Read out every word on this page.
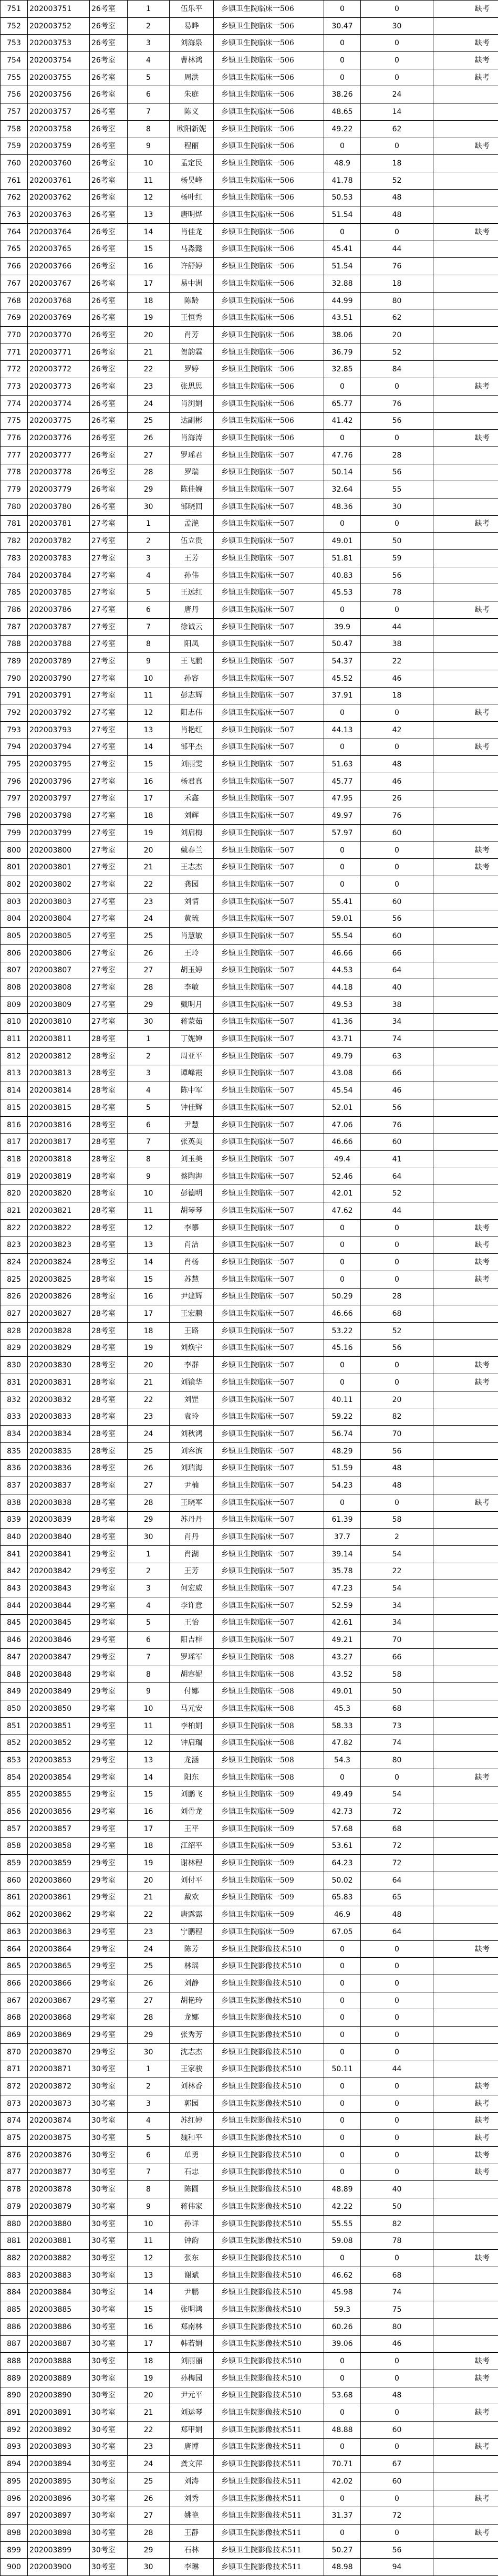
751	202003751	26考室	1	伍乐平	乡镇卫生院临床一506	0	0	缺考
752	202003752	26考室	2	易晔	乡镇卫生院临床一506	30.47	30	
753	202003753	26考室	3	刘海泉	乡镇卫生院临床一506	0	0	缺考
754	202003754	26考室	4	曹林鸿	乡镇卫生院临床一506	0	0	缺考
755	202003755	26考室	5	周洪	乡镇卫生院临床一506	0	0	缺考
756	202003756	26考室	6	朱庭	乡镇卫生院临床一506	38.26	24	
757	202003757	26考室	7	陈义	乡镇卫生院临床一506	48.65	14	
758	202003758	26考室	8	欧阳新妮	乡镇卫生院临床一506	49.22	62	
759	202003759	26考室	9	程丽	乡镇卫生院临床一506	0	0	缺考
760	202003760	26考室	10	孟定民	乡镇卫生院临床一506	48.9	18	
761	202003761	26考室	11	杨昊峰	乡镇卫生院临床一506	41.78	52	
762	202003762	26考室	12	杨叶红	乡镇卫生院临床一506	50.53	48	
763	202003763	26考室	13	唐明烨	乡镇卫生院临床一506	51.54	48	
764	202003764	26考室	14	肖佳龙	乡镇卫生院临床一506	0	0	缺考
765	202003765	26考室	15	马淼懿	乡镇卫生院临床一506	45.41	44	
766	202003766	26考室	16	许舒婷	乡镇卫生院临床一506	51.54	76	
767	202003767	26考室	17	易中洲	乡镇卫生院临床一506	32.88	18	
768	202003768	26考室	18	陈龄	乡镇卫生院临床一506	44.99	80	
769	202003769	26考室	19	王恒秀	乡镇卫生院临床一506	43.51	62	
770	202003770	26考室	20	肖芳	乡镇卫生院临床一506	38.06	20	
771	202003771	26考室	21	贺韵霖	乡镇卫生院临床一506	36.79	52	
772	202003772	26考室	22	罗婷	乡镇卫生院临床一506	32.85	84	
773	202003773	26考室	23	张思思	乡镇卫生院临床一506	0	0	缺考
774	202003774	26考室	24	肖浏娟	乡镇卫生院临床一506	65.77	76	
775	202003775	26考室	25	达副彬	乡镇卫生院临床一506	41.42	56	
776	202003776	26考室	26	肖海涛	乡镇卫生院临床一506	0	0	缺考
777	202003777	26考室	27	罗瑶君	乡镇卫生院临床一507	47.76	28	
778	202003778	26考室	28	罗瑞	乡镇卫生院临床一507	50.14	56	
779	202003779	26考室	29	陈佳婉	乡镇卫生院临床一507	32.64	55	
780	202003780	26考室	30	邹晓回	乡镇卫生院临床一507	48.36	30	
781	202003781	27考室	1	孟滟	乡镇卫生院临床一507	0	0	缺考
782	202003782	27考室	2	伍立贵	乡镇卫生院临床一507	49.01	50	
783	202003783	27考室	3	王芳	乡镇卫生院临床一507	51.81	59	
784	202003784	27考室	4	孙伟	乡镇卫生院临床一507	40.83	56	
785	202003785	27考室	5	王远红	乡镇卫生院临床一507	45.53	78	
786	202003786	27考室	6	唐丹	乡镇卫生院临床一507	0	0	缺考
787	202003787	27考室	7	徐诚云	乡镇卫生院临床一507	39.9	44	
788	202003788	27考室	8	阳凤	乡镇卫生院临床一507	50.47	38	
789	202003789	27考室	9	王飞鹏	乡镇卫生院临床一507	54.37	22	
790	202003790	27考室	10	孙容	乡镇卫生院临床一507	45.52	46	
791	202003791	27考室	11	彭志辉	乡镇卫生院临床一507	37.91	18	
792	202003792	27考室	12	阳志伟	乡镇卫生院临床一507	0	0	缺考
793	202003793	27考室	13	肖艳红	乡镇卫生院临床一507	44.13	42	
794	202003794	27考室	14	邹平杰	乡镇卫生院临床一507	0	0	缺考
795	202003795	27考室	15	刘丽雯	乡镇卫生院临床一507	51.63	48	
796	202003796	27考室	16	杨君真	乡镇卫生院临床一507	45.77	46	
797	202003797	27考室	17	禾鑫	乡镇卫生院临床一507	47.95	26	
798	202003798	27考室	18	刘辉	乡镇卫生院临床一507	49.97	76	
799	202003799	27考室	19	刘启梅	乡镇卫生院临床一507	57.97	60	
800	202003800	27考室	20	戴春兰	乡镇卫生院临床一507	0	0	缺考
801	202003801	27考室	21	王志杰	乡镇卫生院临床一507	0	0	缺考
802	202003802	27考室	22	龚园	乡镇卫生院临床一507	0	0	
803	202003803	27考室	23	刘情	乡镇卫生院临床一507	55.41	60	
804	202003804	27考室	24	黄琉	乡镇卫生院临床一507	59.01	56	
805	202003805	27考室	25	肖慧敏	乡镇卫生院临床一507	55.54	60	
806	202003806	27考室	26	王玲	乡镇卫生院临床一507	46.66	66	
807	202003807	27考室	27	胡玉婷	乡镇卫生院临床一507	44.53	64	
808	202003808	27考室	28	李敏	乡镇卫生院临床一507	44.18	40	
809	202003809	27考室	29	戴明月	乡镇卫生院临床一507	49.53	38	
810	202003810	27考室	30	蒋蒙茹	乡镇卫生院临床一507	41.36	34	
811	202003811	28考室	1	丁妮婵	乡镇卫生院临床一507	43.71	74	
812	202003812	28考室	2	周亚平	乡镇卫生院临床一507	49.79	63	
813	202003813	28考室	3	谭峰霞	乡镇卫生院临床一507	43.08	66	
814	202003814	28考室	4	陈中军	乡镇卫生院临床一507	45.54	46	
815	202003815	28考室	5	钟佳辉	乡镇卫生院临床一507	52.01	56	
816	202003816	28考室	6	尹慧	乡镇卫生院临床一507	47.06	76	
817	202003817	28考室	7	张英美	乡镇卫生院临床一507	46.66	60	
818	202003818	28考室	8	刘玉美	乡镇卫生院临床一507	49.4	41	
819	202003819	28考室	9	蔡陶海	乡镇卫生院临床一507	52.46	64	
820	202003820	28考室	10	彭德明	乡镇卫生院临床一507	42.01	52	
821	202003821	28考室	11	胡琴琴	乡镇卫生院临床一507	47.62	44	
822	202003822	28考室	12	李攀	乡镇卫生院临床一507	0	0	缺考
823	202003823	28考室	13	肖洁	乡镇卫生院临床一507	0	0	缺考
824	202003824	28考室	14	肖杨	乡镇卫生院临床一507	0	0	缺考
825	202003825	28考室	15	苏慧	乡镇卫生院临床一507	0	0	缺考
826	202003826	28考室	16	尹建辉	乡镇卫生院临床一507	50.29	28	
827	202003827	28考室	17	王宏鹏	乡镇卫生院临床一507	46.66	68	
828	202003828	28考室	18	王路	乡镇卫生院临床一507	53.22	52	
829	202003829	28考室	19	刘焕宇	乡镇卫生院临床一507	45.16	56	
830	202003830	28考室	20	李群	乡镇卫生院临床一507	0	0	缺考
831	202003831	28考室	21	刘镜华	乡镇卫生院临床一507	0	0	缺考
832	202003832	28考室	22	刘罡	乡镇卫生院临床一507	40.11	20	
833	202003833	28考室	23	袁玲	乡镇卫生院临床一507	59.22	82	
834	202003834	28考室	24	刘秋鸿	乡镇卫生院临床一507	56.74	70	
835	202003835	28考室	25	刘容滨	乡镇卫生院临床一507	48.29	56	
836	202003836	28考室	26	刘瑞海	乡镇卫生院临床一507	51.59	48	
837	202003837	28考室	27	尹楠	乡镇卫生院临床一507	54.23	48	
838	202003838	28考室	28	王晓军	乡镇卫生院临床一507	0	0	缺考
839	202003839	28考室	29	苏丹丹	乡镇卫生院临床一507	61.39	58	
840	202003840	28考室	30	肖丹	乡镇卫生院临床一507	37.7	2	
841	202003841	29考室	1	肖湖	乡镇卫生院临床一507	39.14	54	
842	202003842	29考室	2	王芳	乡镇卫生院临床一507	35.78	22	
843	202003843	29考室	3	何宏威	乡镇卫生院临床一507	47.23	54	
844	202003844	29考室	4	李许意	乡镇卫生院临床一507	52.59	34	
845	202003845	29考室	5	王怡	乡镇卫生院临床一507	42.61	34	
846	202003846	29考室	6	阳吉梓	乡镇卫生院临床一507	49.21	70	
847	202003847	29考室	7	罗瑶军	乡镇卫生院临床一508	43.27	66	
848	202003848	29考室	8	胡容妮	乡镇卫生院临床一508	43.52	58	
849	202003849	29考室	9	付娜	乡镇卫生院临床一508	49.01	50	
850	202003850	29考室	10	马元安	乡镇卫生院临床一508	45.3	68	
851	202003851	29考室	11	李柏娟	乡镇卫生院临床一508	58.33	73	
852	202003852	29考室	12	钟启瑞	乡镇卫生院临床一508	47.82	74	
853	202003853	29考室	13	龙涵	乡镇卫生院临床一508	54.3	80	
854	202003854	29考室	14	阳东	乡镇卫生院临床一508	0	0	缺考
855	202003855	29考室	15	刘鹏飞	乡镇卫生院临床一509	49.49	54	
856	202003856	29考室	16	刘骨龙	乡镇卫生院临床一509	42.73	72	
857	202003857	29考室	17	王平	乡镇卫生院临床一509	57.68	68	
858	202003858	29考室	18	江绍平	乡镇卫生院临床一509	53.61	72	
859	202003859	29考室	19	谢林程	乡镇卫生院临床一509	64.23	72	
860	202003860	29考室	20	刘付平	乡镇卫生院临床一509	50.02	64	
861	202003861	29考室	21	戴欢	乡镇卫生院临床一509	65.83	65	
862	202003862	29考室	22	唐露露	乡镇卫生院临床一509	46.9	48	
863	202003863	29考室	23	宁鹏程	乡镇卫生院临床一509	67.05	64	
864	202003864	29考室	24	陈芳	乡镇卫生院影像技术510	0	0	缺考
865	202003865	29考室	25	林瑶	乡镇卫生院影像技术510	0	0	
866	202003866	29考室	26	刘静	乡镇卫生院影像技术510	0	0	
867	202003867	29考室	27	胡艳玲	乡镇卫生院影像技术510	0	0	
868	202003868	29考室	28	龙娜	乡镇卫生院影像技术510	0	0	
869	202003869	29考室	29	张秀芳	乡镇卫生院影像技术510	0	0	
870	202003870	29考室	30	沈志杰	乡镇卫生院影像技术510	0	0	
871	202003871	30考室	1	王家骏	乡镇卫生院影像技术510	50.11	44	
872	202003872	30考室	2	刘林香	乡镇卫生院影像技术510	0	0	缺考
873	202003873	30考室	3	郭园	乡镇卫生院影像技术510	0	0	缺考
874	202003874	30考室	4	苏红婷	乡镇卫生院影像技术510	0	0	缺考
875	202003875	30考室	5	魏和平	乡镇卫生院影像技术510	0	0	缺考
876	202003876	30考室	6	单勇	乡镇卫生院影像技术510	0	0	缺考
877	202003877	30考室	7	石忠	乡镇卫生院影像技术510	0	0	缺考
878	202003878	30考室	8	陈圆	乡镇卫生院影像技术510	48.89	40	
879	202003879	30考室	9	蒋伟家	乡镇卫生院影像技术510	42.22	50	
880	202003880	30考室	10	孙详	乡镇卫生院影像技术510	55.55	82	
881	202003881	30考室	11	钟韵	乡镇卫生院影像技术510	59.08	78	
882	202003882	30考室	12	张东	乡镇卫生院影像技术510	0	0	缺考
883	202003883	30考室	13	谢斌	乡镇卫生院影像技术510	46.62	68	
884	202003884	30考室	14	尹鹏	乡镇卫生院影像技术510	45.98	74	
885	202003885	30考室	15	张明鸿	乡镇卫生院影像技术510	59.3	75	
886	202003886	30考室	16	郑南林	乡镇卫生院影像技术510	60.26	80	
887	202003887	30考室	17	韩若娟	乡镇卫生院影像技术510	39.06	46	
888	202003888	30考室	18	刘丽丽	乡镇卫生院影像技术510	0	0	缺考
889	202003889	30考室	19	孙梅园	乡镇卫生院影像技术510	0	0	缺考
890	202003890	30考室	20	尹元平	乡镇卫生院影像技术510	53.68	48	
891	202003891	30考室	21	刘运琴	乡镇卫生院影像技术510	0	0	缺考
892	202003892	30考室	22	郑甲娟	乡镇卫生院影像技术511	48.88	60	
893	202003893	30考室	23	唐博	乡镇卫生院影像技术511	0	0	缺考
894	202003894	30考室	24	龚文萍	乡镇卫生院影像技术511	70.71	67	
895	202003895	30考室	25	刘涛	乡镇卫生院影像技术511	42.02	60	
896	202003896	30考室	26	刘秀	乡镇卫生院影像技术511	0	0	缺考
897	202003897	30考室	27	姚艳	乡镇卫生院影像技术511	31.37	72	
898	202003898	30考室	28	王静	乡镇卫生院影像技术511	0	0	缺考
899	202003899	30考室	29	石林	乡镇卫生院影像技术511	50.27	56	
900	202003900	30考室	30	李琳	乡镇卫生院影像技术511	48.98	94	
